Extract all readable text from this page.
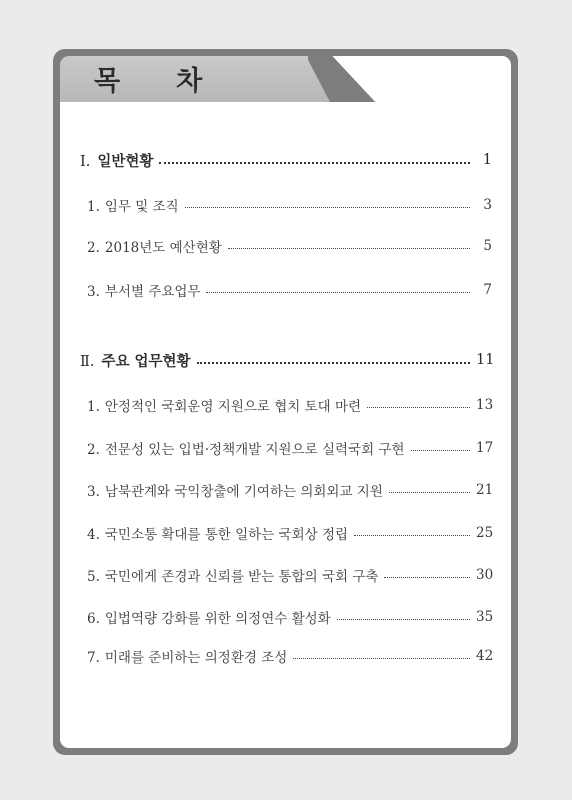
목 차
Ⅰ. 일반현황	1
1. 임무 및 조직	3
2. 2018년도 예산현황	5
3. 부서별 주요업무	7
Ⅱ. 주요 업무현황	11
1. 안정적인 국회운영 지원으로 협치 토대 마련	13
2. 전문성 있는 입법·정책개발 지원으로 실력국회 구현	17
3. 남북관계와 국익창출에 기여하는 의회외교 지원	21
4. 국민소통 확대를 통한 일하는 국회상 정립	25
5. 국민에게 존경과 신뢰를 받는 통합의 국회 구축	30
6. 입법역량 강화를 위한 의정연수 활성화	35
7. 미래를 준비하는 의정환경 조성	42
